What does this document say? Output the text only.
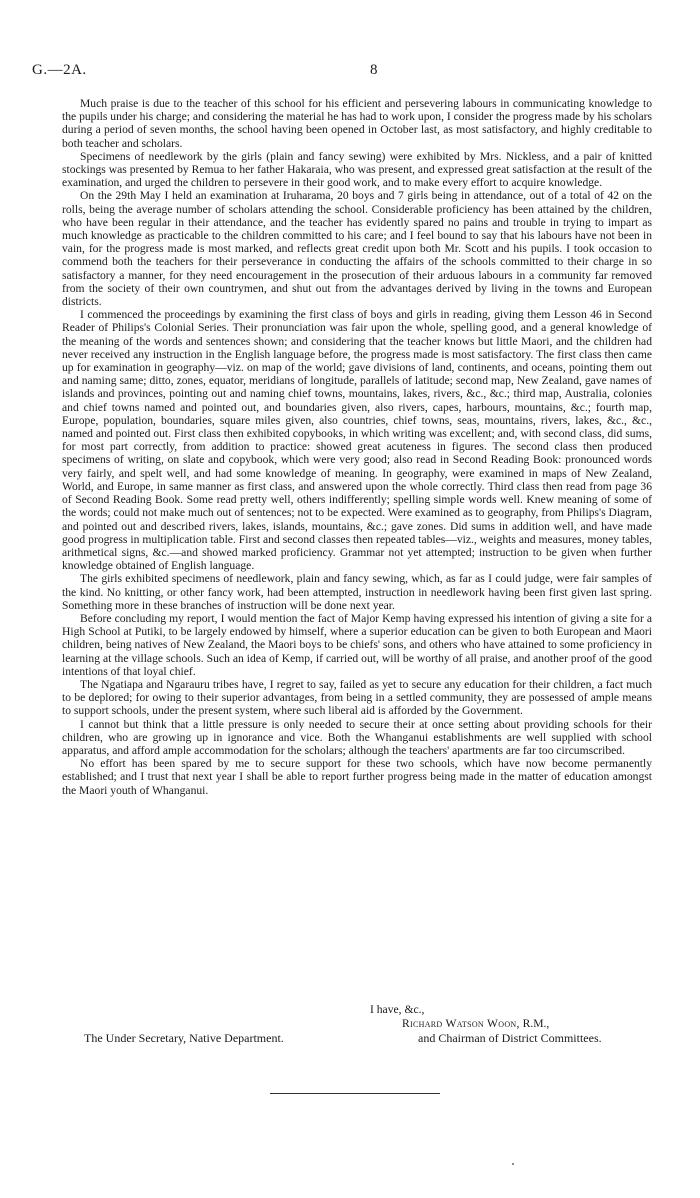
G.—2A.	8

Much praise is due to the teacher of this school for his efficient and persevering labours in communicating knowledge to the pupils under his charge; and considering the material he has had to work upon, I consider the progress made by his scholars during a period of seven months, the school having been opened in October last, as most satisfactory, and highly creditable to both teacher and scholars.

Specimens of needlework by the girls (plain and fancy sewing) were exhibited by Mrs. Nickless, and a pair of knitted stockings was presented by Remua to her father Hakaraia, who was present, and expressed great satisfaction at the result of the examination, and urged the children to persevere in their good work, and to make every effort to acquire knowledge.

On the 29th May I held an examination at Iruharama, 20 boys and 7 girls being in attendance, out of a total of 42 on the rolls, being the average number of scholars attending the school. Considerable proficiency has been attained by the children, who have been regular in their attendance, and the teacher has evidently spared no pains and trouble in trying to impart as much knowledge as practicable to the children committed to his care; and I feel bound to say that his labours have not been in vain, for the progress made is most marked, and reflects great credit upon both Mr. Scott and his pupils. I took occasion to commend both the teachers for their perseverance in conducting the affairs of the schools committed to their charge in so satisfactory a manner, for they need encouragement in the prosecution of their arduous labours in a community far removed from the society of their own countrymen, and shut out from the advantages derived by living in the towns and European districts.

I commenced the proceedings by examining the first class of boys and girls in reading, giving them Lesson 46 in Second Reader of Philips's Colonial Series. Their pronunciation was fair upon the whole, spelling good, and a general knowledge of the meaning of the words and sentences shown; and considering that the teacher knows but little Maori, and the children had never received any instruction in the English language before, the progress made is most satisfactory. The first class then came up for examination in geography—viz. on map of the world; gave divisions of land, continents, and oceans, pointing them out and naming same; ditto, zones, equator, meridians of longitude, parallels of latitude; second map, New Zealand, gave names of islands and provinces, pointing out and naming chief towns, mountains, lakes, rivers, &c., &c.; third map, Australia, colonies and chief towns named and pointed out, and boundaries given, also rivers, capes, harbours, mountains, &c.; fourth map, Europe, population, boundaries, square miles given, also countries, chief towns, seas, mountains, rivers, lakes, &c., &c., named and pointed out. First class then exhibited copybooks, in which writing was excellent; and, with second class, did sums, for most part correctly, from addition to practice: showed great acuteness in figures. The second class then produced specimens of writing, on slate and copybook, which were very good; also read in Second Reading Book: pronounced words very fairly, and spelt well, and had some knowledge of meaning. In geography, were examined in maps of New Zealand, World, and Europe, in same manner as first class, and answered upon the whole correctly. Third class then read from page 36 of Second Reading Book. Some read pretty well, others indifferently; spelling simple words well. Knew meaning of some of the words; could not make much out of sentences; not to be expected. Were examined as to geography, from Philips's Diagram, and pointed out and described rivers, lakes, islands, mountains, &c.; gave zones. Did sums in addition well, and have made good progress in multiplication table. First and second classes then repeated tables—viz., weights and measures, money tables, arithmetical signs, &c.—and showed marked proficiency. Grammar not yet attempted; instruction to be given when further knowledge obtained of English language.

The girls exhibited specimens of needlework, plain and fancy sewing, which, as far as I could judge, were fair samples of the kind. No knitting, or other fancy work, had been attempted, instruction in needlework having been first given last spring. Something more in these branches of instruction will be done next year.

Before concluding my report, I would mention the fact of Major Kemp having expressed his intention of giving a site for a High School at Putiki, to be largely endowed by himself, where a superior education can be given to both European and Maori children, being natives of New Zealand, the Maori boys to be chiefs' sons, and others who have attained to some proficiency in learning at the village schools. Such an idea of Kemp, if carried out, will be worthy of all praise, and another proof of the good intentions of that loyal chief.

The Ngatiapa and Ngarauru tribes have, I regret to say, failed as yet to secure any education for their children, a fact much to be deplored; for owing to their superior advantages, from being in a settled community, they are possessed of ample means to support schools, under the present system, where such liberal aid is afforded by the Government.

I cannot but think that a little pressure is only needed to secure their at once setting about providing schools for their children, who are growing up in ignorance and vice. Both the Whanganui establishments are well supplied with school apparatus, and afford ample accommodation for the scholars; although the teachers' apartments are far too circumscribed.

No effort has been spared by me to secure support for these two schools, which have now become permanently established; and I trust that next year I shall be able to report further progress being made in the matter of education amongst the Maori youth of Whanganui.

I have, &c.,
Richard Watson Woon, R.M.,
The Under Secretary, Native Department.	and Chairman of District Committees.
